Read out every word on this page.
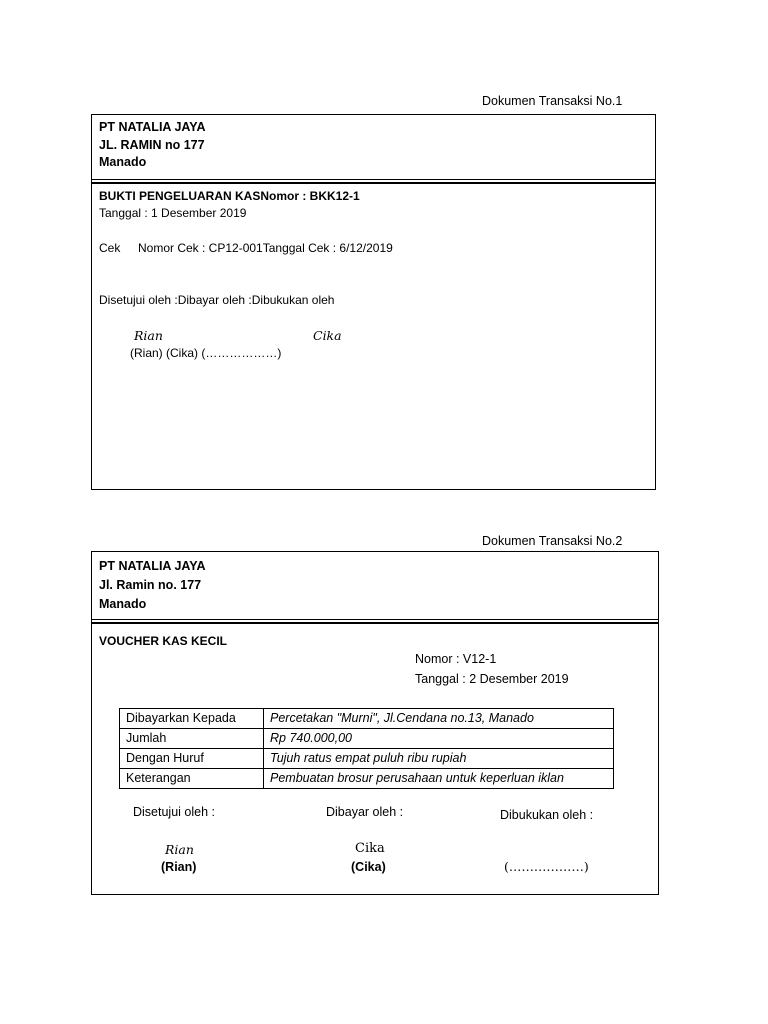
Dokumen Transaksi No.1
PT NATALIA JAYA
JL. RAMIN no 177
Manado
BUKTI PENGELUARAN KASNomor : BKK12-1
Tanggal : 1 Desember 2019
Cek Nomor Cek : CP12-001Tanggal Cek : 6/12/2019
Disetujui oleh :Dibayar oleh :Dibukukan oleh
Rian	Cika
(Rian) (Cika) (………………)
Dokumen Transaksi No.2
PT NATALIA JAYA
Jl. Ramin no. 177
Manado
VOUCHER KAS KECIL
Nomor : V12-1
Tanggal : 2 Desember 2019
Dibayarkan Kepada	Percetakan "Murni", Jl.Cendana no.13, Manado
Jumlah	Rp 740.000,00
Dengan Huruf	Tujuh ratus empat puluh ribu rupiah
Keterangan	Pembuatan brosur perusahaan untuk keperluan iklan
Disetujui oleh :	Dibayar oleh :	Dibukukan oleh :
Rian	Cika
(Rian)	(Cika)	(………………)
